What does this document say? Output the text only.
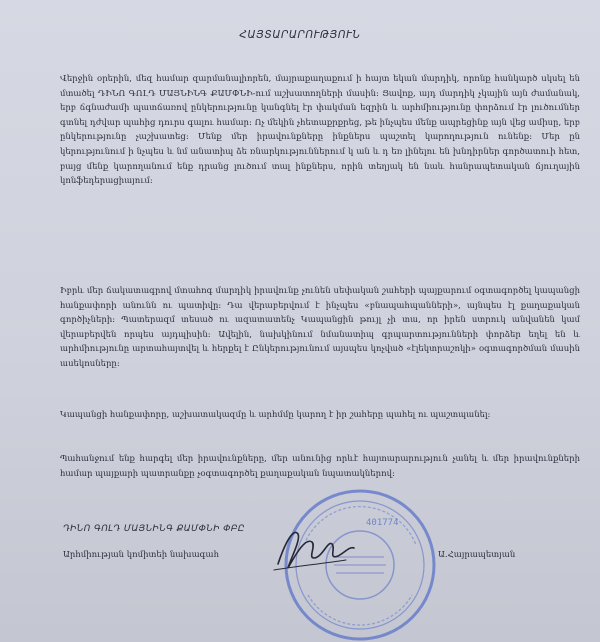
ՀԱՅՏԱՐԱՐՈՒԹՅՈՒՆ

Վերջին օրերին, մեզ համար զարմանալիորեն, մայրաքաղաքում ի հայտ եկան մարդիկ, որոնք հանկարծ սկսել են մտածել ԴԻՆՈ ԳՈԼԴ ՄԱՅՆԻՆԳ ՔԱՄՓՆԻ-ում աշխատողների մասին: Ցավոք, այդ մարդիկ չկային այն ժամանակ, երբ ճգնաժամի պատճառով ընկերությունը կանգնել էր փակման եզրին և արհմիությունը փորձում էր լուծումներ գտնել դժվար պահից դուրս գալու համար: Ոչ մեկին չհետաքրքրեց, թե ինչպես մենք ապրեցինք այն վեց ամիսը, երբ ընկերությունը չաշխատեց: Մենք մեր իրավունքները ինքներս պաշտել կարողություն ունենք: Մեր ըն կերությունում ի նչպես և նմ անատիպ ձե ռնարկություններում կ ան և դ եռ լինելու են խնդիրներ գործատուի հետ, բայց մենք կարողանում ենք դրանց լուծում տալ ինքներս, որին տեղյակ են նաև հանրապետական ճյուղային կոնֆեդերացիայում:

Իբրև մեր ճակատագրով մտահոգ մարդիկ իրավունք չունեն սեփական շահերի պայքարում օգտագործել կապանցի հանքափորի անունն ու պատիվը: Դա վերաբերվում է ինչպես «բնապահպանների», այնպես էլ քաղաքական գործիչների: Պատերազմ տեսած ու ազատատենչ Կապանցին թույլ չի տա, որ իրեն ստրուկ անվանեն կամ վերաբերվեն որպես այդպիսին: Ավելին, նախկինում նմանատիպ գրպարտությունների փորձեր եղել են և արհմիությունը արտահայտվել և հերքել է Ընկերությունում այսպես կոչված «էլեկտրաշոկի» օգտագործման մասին ասեկոսները:

Կապանցի հանքափորը, աշխատակազմը և արհմմը կարող է իր շահերը պահել ու պաշտպանել:

Պահանջում ենք հարգել մեր իրավունքները, մեր անունից որևէ հայտարարություն չանել և մեր իրավունքների համար պայքարի պատրանքը չօգտագործել քաղաքական նպատակներով:

ԴԻՆՈ ԳՈԼԴ ՄԱՅՆԻՆԳ ՔԱՄՓՆԻ ՓԲԸ
Արհմիության կոմիտեի նախագահ	Ա.Հայրապետյան
401774
